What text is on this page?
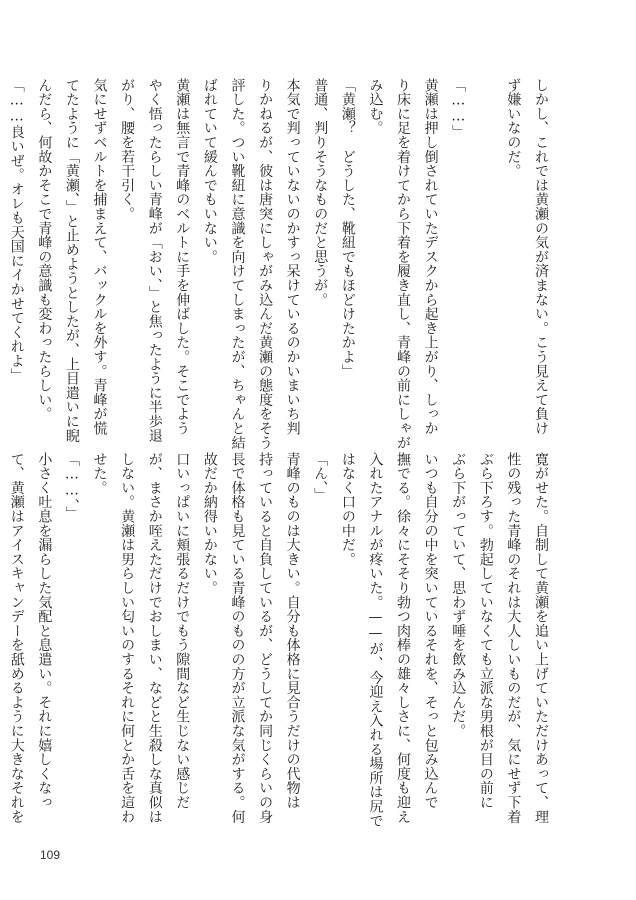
しかし、これでは黄瀬の気が済まない。こう見えて負け
ず嫌いなのだ。

「……」
黄瀬は押し倒されていたデスクから起き上がり、しっか
り床に足を着けてから下着を履き直し、青峰の前にしゃが
み込む。
「黄瀬？　どうした、靴紐でもほどけたかよ」
普通、判りそうなものだと思うが。
本気で判っていないのかすっ呆けているのかいまいち判
りかねるが、彼は唐突にしゃがみ込んだ黄瀬の態度をそう
評した。つい靴紐に意識を向けてしまったが、ちゃんと結
ばれていて緩んでもいない。
黄瀬は無言で青峰のベルトに手を伸ばした。そこでよう
やく悟ったらしい青峰が「おい、」と焦ったように半歩退
がり、腰を若干引く。
気にせずベルトを捕まえて、バックルを外す。青峰が慌
てたように「黄瀬、」と止めようとしたが、上目遣いに睨
んだら、何故かそこで青峰の意識も変わったらしい。
「……良いぜ。オレも天国にイかせてくれよ」
寛がせた。自制して黄瀬を追い上げていただけあって、理
性の残った青峰のそれは大人しいものだが、気にせず下着
ぶら下ろす。勃起していなくても立派な男根が目の前に
ぶら下がっていて、思わず唾を飲み込んだ。
いつも自分の中を突いているそれを、そっと包み込んで
撫でる。徐々にそそり勃つ肉棒の雄々しさに、何度も迎え
入れたアナルが疼いた。——が、今迎え入れる場所は尻で
はなく口の中だ。
「ん、」
青峰のものは大きい。自分も体格に見合うだけの代物は
持っていると自負しているが、どうしてか同じくらいの身
長で体格も見ている青峰のものの方が立派な気がする。何
故だか納得いかない。
口いっぱいに頬張るだけでもう隙間など生じない感じだ
が、まさか咥えただけでおしまい、などと生殺しな真似は
しない。黄瀬は男らしい匂いのするそれに何とか舌を這わ
せた。
「……、」
小さく吐息を漏らした気配と息遣い。それに嬉しくなっ
て、黄瀬はアイスキャンデーを舐めるように大きなそれを
109
